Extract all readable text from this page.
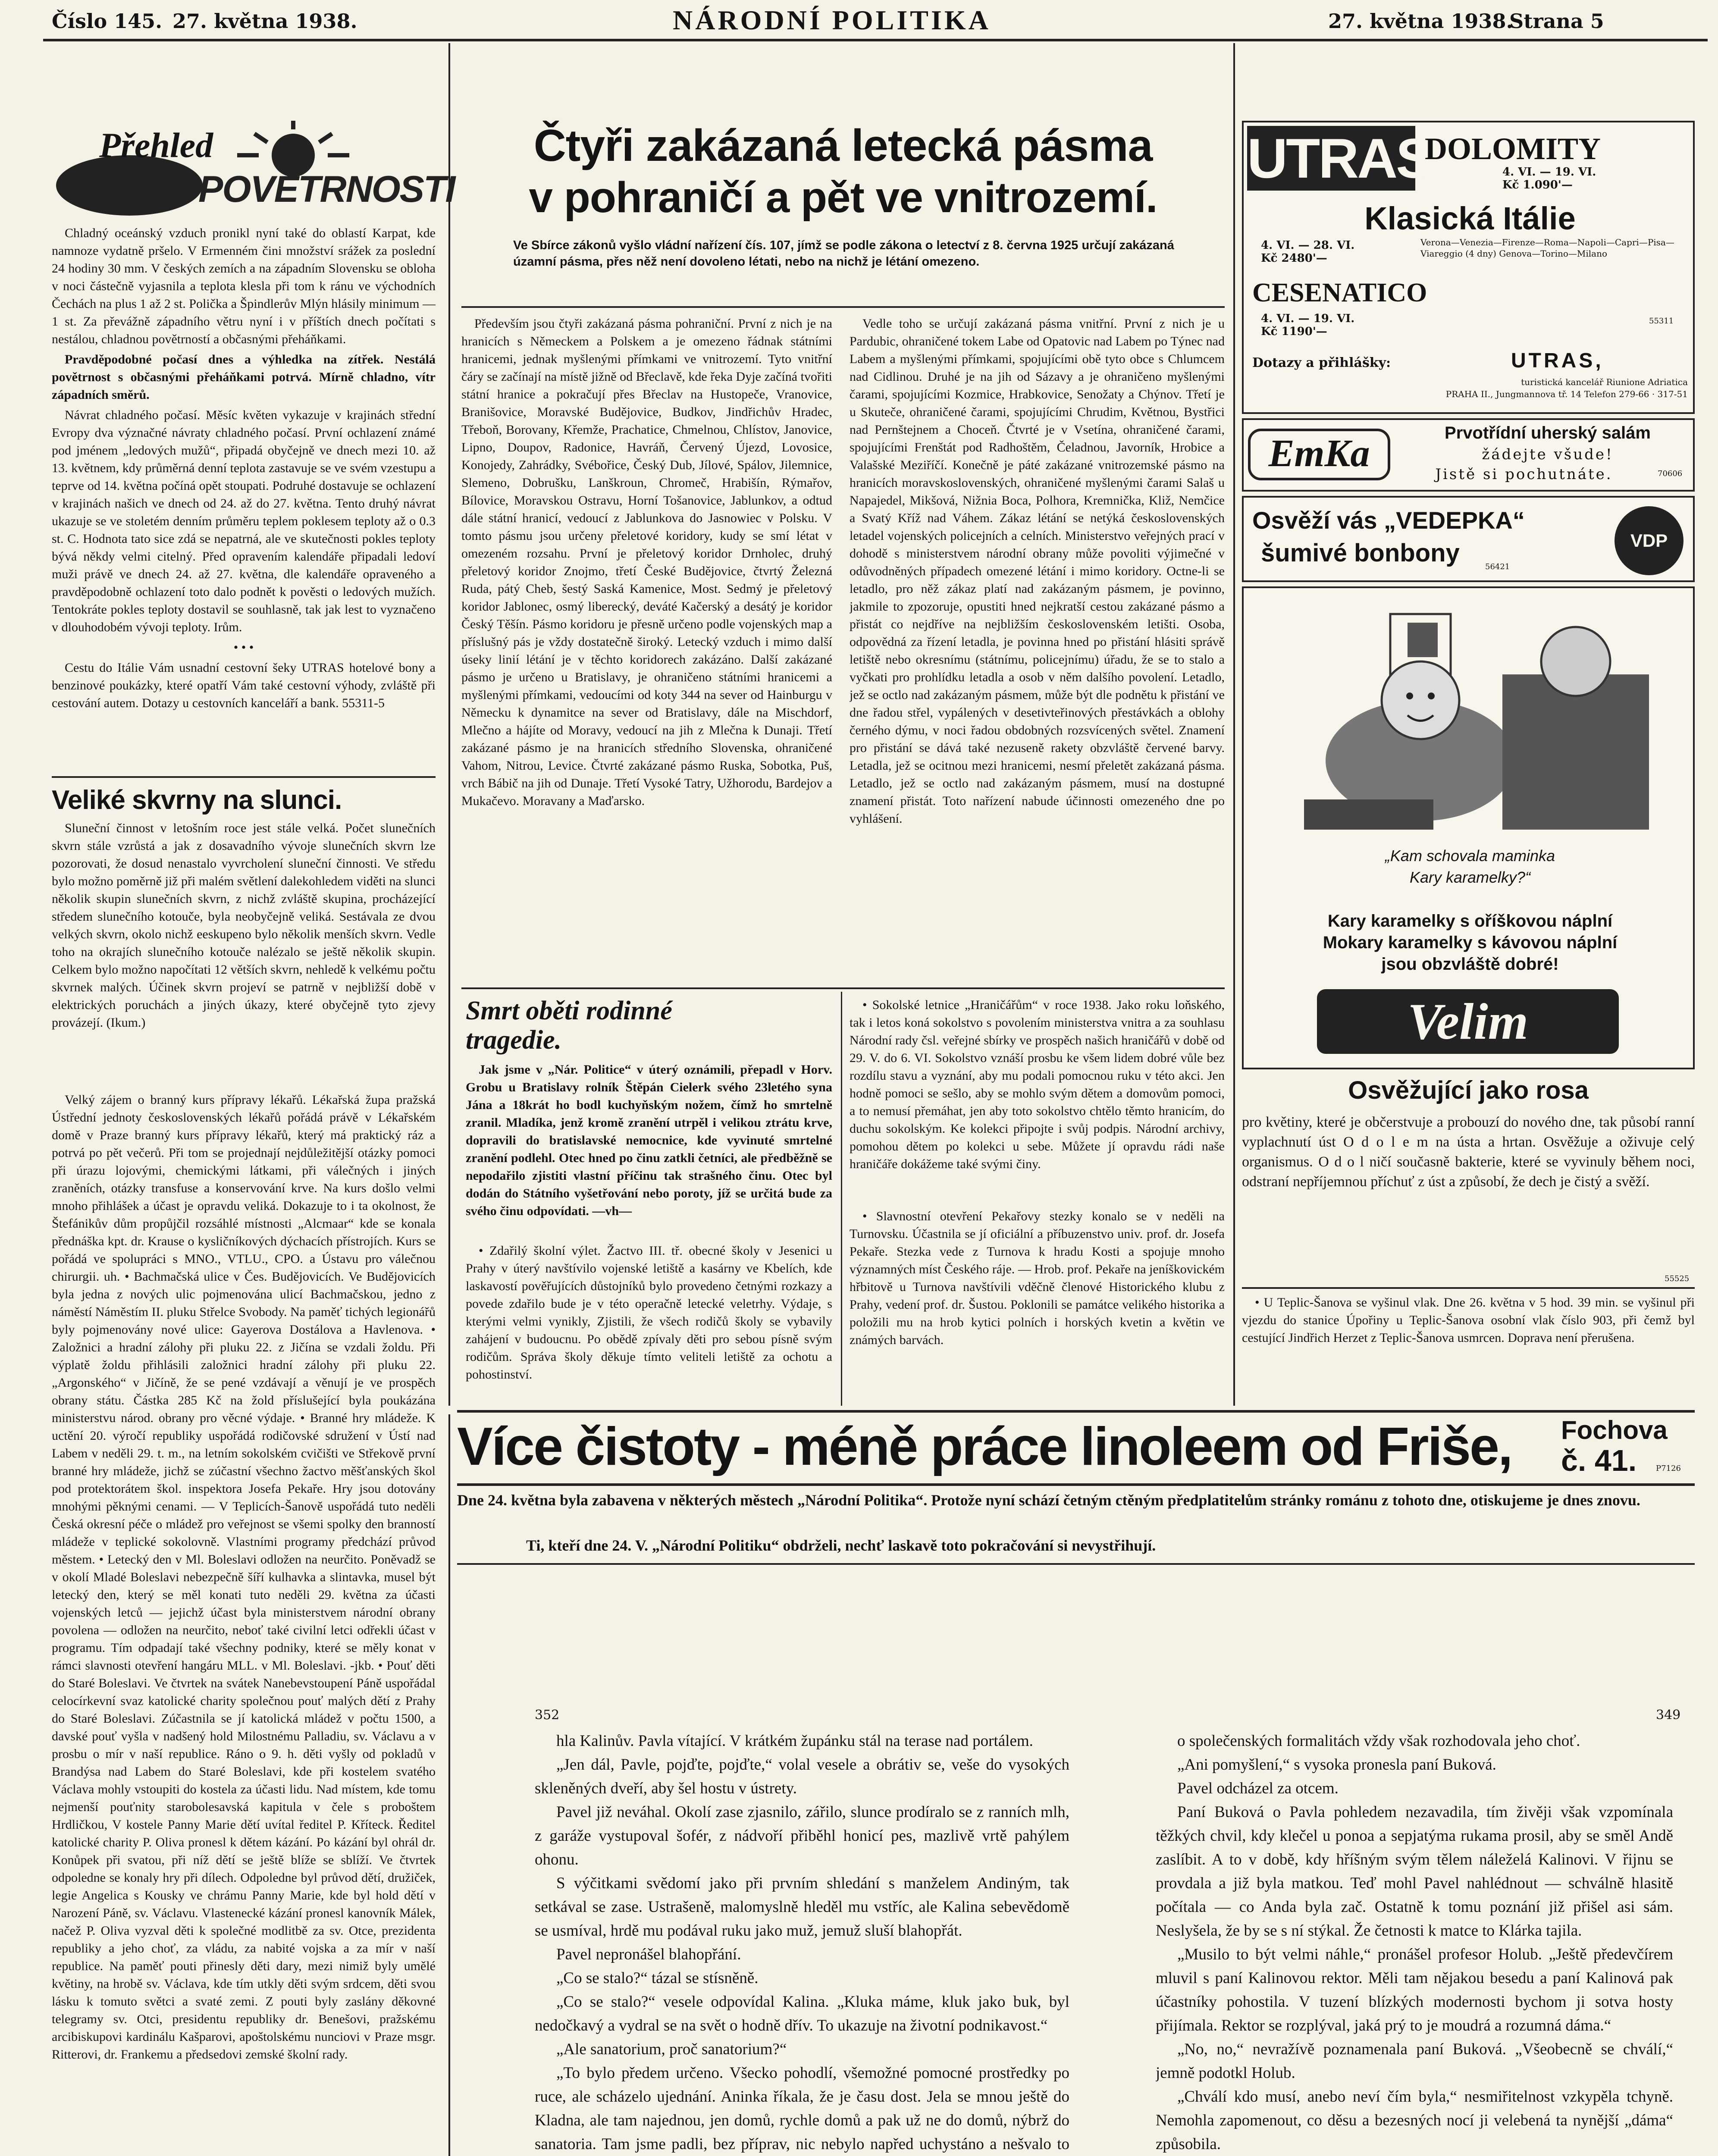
Číslo 145. 27. května 1938.	NÁRODNÍ POLITIKA	27. května 1938.
Strana 5
Přehled
POVĚTRNOSTI

Chladný oceánský vzduch pronikl nyní také do oblastí Karpat, kde namnoze vydatně pršelo. V Ermenném čini množství srážek za poslední 24 hodiny 30 mm. V českých zemích a na západním Slovensku se obloha v noci částečně vyjasnila a teplota klesla při tom k ránu ve východních Čechách na plus 1 až 2 st. Polička a Špindlerův Mlýn hlásily minimum — 1 st. Za převážně západního větru nyní i v příštích dnech počítati s nestálou, chladnou povětrností a občasnými přeháňkami.

Pravděpodobné počasí dnes a výhledka na zítřek. Nestálá povětrnost s občasnými přeháňkami potrvá. Mírně chladno, vítr západních směrů.

Návrat chladného počasí. Měsíc květen vykazuje v krajinách střední Evropy dva význačné návraty chladného počasí. První ochlazení známé pod jménem „ledových mužů“, připadá obyčejně ve dnech mezi 10. až 13. květnem, kdy průměrná denní teplota zastavuje se ve svém vzestupu a teprve od 14. května počíná opět stoupati. Podruhé dostavuje se ochlazení v krajinách našich ve dnech od 24. až do 27. května. Tento druhý návrat ukazuje se ve stoletém denním průměru teplem poklesem teploty až o 0.3 st. C. Hodnota tato sice zdá se nepatrná, ale ve skutečnosti pokles teploty bývá někdy velmi citelný. Před opravením kalendáře připadali ledoví muži právě ve dnech 24. až 27. května, dle kalendáře opraveného a pravděpodobně ochlazení toto dalo podnět k pověsti o ledových mužích. Tentokráte pokles teploty dostavil se souhlasně, tak jak lest to vyznačeno v dlouhodobém vývoji teploty. Irům.

• • •

Cestu do Itálie Vám usnadní cestovní šeky UTRAS hotelové bony a benzinové poukázky, které opatří Vám také cestovní výhody, zvláště při cestování autem. Dotazy u cestovních kanceláří a bank. 55311-5

Veliké skvrny na slunci.

Sluneční činnost v letošním roce jest stále velká. Počet slunečních skvrn stále vzrůstá a jak z dosavadního vývoje slunečních skvrn lze pozorovati, že dosud nenastalo vyvrcholení sluneční činnosti. Ve středu bylo možno poměrně již při malém světlení dalekohledem viděti na slunci několik skupin slunečních skvrn, z nichž zvláště skupina, procházející středem slunečního kotouče, byla neobyčejně veliká. Sestávala ze dvou velkých skvrn, okolo nichž eeskupeno bylo několik menších skvrn. Vedle toho na okrajích slunečního kotouče nalézalo se ještě několik skupin. Celkem bylo možno napočítati 12 větších skvrn, nehledě k velkému počtu skvrnek malých. Účinek skvrn projeví se patrně v nejbližší době v elektrických poruchách a jiných úkazy, které obyčejně tyto zjevy provázejí. (Ikum.)

Velký zájem o branný kurs přípravy lékařů. Lékařská župa pražská Ústřední jednoty československých lékařů pořádá právě v Lékařském domě v Praze branný kurs přípravy lékařů, který má praktický ráz a potrvá po pět večerů. Při tom se projednají nejdůležitější otázky pomoci při úrazu lojovými, chemickými látkami, při válečných i jiných zraněních, otázky transfuse a konservování krve. Na kurs došlo velmi mnoho přihlášek a účast je opravdu veliká. Dokazuje to i ta okolnost, že Štefánikův dům propůjčil rozsáhlé místnosti „Alcmaar“ kde se konala přednáška kpt. dr. Krause o kysličníkových dýchacích přístrojích. Kurs se pořádá ve spolupráci s MNO., VTLU., CPO. a Ústavu pro válečnou chirurgii. uh. • Bachmačská ulice v Čes. Budějovicích. Ve Budějovicích byla jedna z nových ulic pojmenována ulicí Bachmačskou, jedno z náměstí Náměstím II. pluku Střelce Svobody. Na paměť tichých legionářů byly pojmenovány nové ulice: Gayerova Dostálova a Havlenova. • Založnici a hradní zálohy při pluku 22. z Jičína se vzdali žoldu. Při výplatě žoldu přihlásili založnici hradní zálohy při pluku 22. „Argonského“ v Jičíně, že se pené vzdávají a věnují je ve prospěch obrany státu. Částka 285 Kč na žold příslušející byla poukázána ministerstvu národ. obrany pro věcné výdaje. • Branné hry mládeže. K uctění 20. výročí republiky uspořádá rodičovské sdružení v Ústí nad Labem v neděli 29. t. m., na letním sokolském cvičišti ve Střekově první branné hry mládeže, jichž se zúčastní všechno žactvo měšťanských škol pod protektorátem škol. inspektora Josefa Pekaře. Hry jsou dotovány mnohými pěknými cenami. — V Teplicích-Šanově uspořádá tuto neděli Česká okresní péče o mládež pro veřejnost se všemi spolky den branností mládeže v teplické sokolovně. Vlastními programy předchází průvod městem. • Letecký den v Ml. Boleslavi odložen na neurčito. Poněvadž se v okolí Mladé Boleslavi nebezpečně šíří kulhavka a slintavka, musel být letecký den, který se měl konati tuto neděli 29. května za účasti vojenských letců — jejichž účast byla ministerstvem národní obrany povolena — odložen na neurčito, neboť také civilní letci odřekli účast v programu. Tím odpadají také všechny podniky, které se měly konat v rámci slavnosti otevření hangáru MLL. v Ml. Boleslavi. -jkb. • Pouť děti do Staré Boleslavi. Ve čtvrtek na svátek Nanebevstoupení Páně uspořádal celocírkevní svaz katolické charity společnou pouť malých dětí z Prahy do Staré Boleslavi. Zúčastnila se jí katolická mládež v počtu 1500, a davské pouť vyšla v nadšený hold Milostnému Palladiu, sv. Václavu a v prosbu o mír v naší republice. Ráno o 9. h. děti vyšly od pokladů v Brandýsa nad Labem do Staré Boleslavi, kde při kostelem svatého Václava mohly vstoupiti do kostela za účasti lidu. Nad místem, kde tomu nejmenší pouťnity starobolesavská kapitula v čele s proboštem Hrdličkou, V kostele Panny Marie dětí uvítal ředitel P. Kříteck. Ředitel katolické charity P. Oliva pronesl k dětem kázání. Po kázání byl ohrál dr. Konůpek při svatou, při níž dětí se ještě blíže se sblíží. Ve čtvrtek odpoledne se konaly hry při dílech. Odpoledne byl průvod dětí, družiček, legie Angelica s Kousky ve chrámu Panny Marie, kde byl hold dětí v Narození Páně, sv. Václavu. Vlastenecké kázání pronesl kanovník Málek, načež P. Oliva vyzval děti k společné modlitbě za sv. Otce, prezidenta republiky a jeho choť, za vládu, za nabité vojska a za mír v naší republice. Na paměť pouti přinesly děti dary, mezi nimiž byly umělé květiny, na hrobě sv. Václava, kde tím utkly děti svým srdcem, děti svou lásku k tomuto světci a svaté zemi. Z pouti byly zaslány děkovné telegramy sv. Otci, presidentu republiky dr. Benešovi, pražskému arcibiskupovi kardinálu Kašparovi, apoštolskému nunciovi v Praze msgr. Ritterovi, dr. Frankemu a předsedovi zemské školní rady.

Čtyři zakázaná letecká pásma
v pohraničí a pět ve vnitrozemí.
Ve Sbírce zákonů vyšlo vládní nařízení čís. 107, jímž se podle zákona o letectví z 8. června 1925 určují zakázaná úzamní pásma, přes něž není dovoleno létati, nebo na nichž je létání omezeno.

Především jsou čtyři zakázaná pásma pohraniční. První z nich je na hranicích s Německem a Polskem a je omezeno řádnak státními hranicemi, jednak myšlenými přímkami ve vnitrozemí. Tyto vnitřní čáry se začínají na místě jižně od Břeclavě, kde řeka Dyje začíná tvořiti státní hranice a pokračují přes Břeclav na Hustopeče, Vranovice, Branišovice, Moravské Budějovice, Budkov, Jindřichův Hradec, Třeboň, Borovany, Křemže, Prachatice, Chmelnou, Chlístov, Janovice, Lipno, Doupov, Radonice, Havráň, Červený Újezd, Lovosice, Konojedy, Zahrádky, Svébořice, Český Dub, Jílové, Spálov, Jilemnice, Slemeno, Dobrušku, Lanškroun, Chromeč, Hrabišín, Rýmařov, Bílovice, Moravskou Ostravu, Horní Tošanovice, Jablunkov, a odtud dále státní hranicí, vedoucí z Jablunkova do Jasnowiec v Polsku. V tomto pásmu jsou určeny přeletové koridory, kudy se smí létat v omezeném rozsahu. První je přeletový koridor Drnholec, druhý přeletový koridor Znojmo, třetí České Budějovice, čtvrtý Železná Ruda, pátý Cheb, šestý Saská Kamenice, Most. Sedmý je přeletový koridor Jablonec, osmý liberecký, deváté Kačerský a desátý je koridor Český Těšín. Pásmo koridoru je přesně určeno podle vojenských map a příslušný pás je vždy dostatečně široký. Letecký vzduch i mimo další úseky linií létání je v těchto koridorech zakázáno. Další zakázané pásmo je určeno u Bratislavy, je ohraničeno státními hranicemi a myšlenými přímkami, vedoucími od koty 344 na sever od Hainburgu v Německu k dynamitce na sever od Bratislavy, dále na Mischdorf, Mlečno a hájíte od Moravy, vedoucí na jih z Mlečna k Dunaji. Třetí zakázané pásmo je na hranicích středního Slovenska, ohraničené Vahom, Nitrou, Levice. Čtvrté zakázané pásmo Ruska, Sobotka, Puš, vrch Bábič na jih od Dunaje. Třetí Vysoké Tatry, Užhorodu, Bardejov a Mukačevo. Moravany a Maďarsko.

Vedle toho se určují zakázaná pásma vnitřní. První z nich je u Pardubic, ohraničené tokem Labe od Opatovic nad Labem po Týnec nad Labem a myšlenými přímkami, spojujícími obě tyto obce s Chlumcem nad Cidlinou. Druhé je na jih od Sázavy a je ohraničeno myšlenými čarami, spojujícími Kozmice, Hrabkovice, Senožaty a Chýnov. Třetí je u Skuteče, ohraničené čarami, spojujícími Chrudim, Květnou, Bystřici nad Pernštejnem a Choceň. Čtvrté je v Vsetína, ohraničené čarami, spojujícími Frenštát pod Radhoštěm, Čeladnou, Javorník, Hrobice a Valašské Meziříčí. Konečně je páté zakázané vnitrozemské pásmo na hranicích moravskoslovenských, ohraničené myšlenými čarami Salaš u Napajedel, Mikšová, Nižnia Boca, Polhora, Kremnička, Kliž, Nemčice a Svatý Kříž nad Váhem. Zákaz létání se netýká československých letadel vojenských policejních a celních. Ministerstvo veřejných prací v dohodě s ministerstvem národní obrany může povoliti výjimečné v odůvodněných případech omezené létání i mimo koridory. Octne-li se letadlo, pro něž zákaz platí nad zakázaným pásmem, je povinno, jakmile to zpozoruje, opustiti hned nejkratší cestou zakázané pásmo a přistát co nejdříve na nejbližším československém letišti. Osoba, odpovědná za řízení letadla, je povinna hned po přistání hlásiti správě letiště nebo okresnímu (státnímu, policejnímu) úřadu, že se to stalo a vyčkati pro prohlídku letadla a osob v něm dalšího povolení. Letadlo, jež se octlo nad zakázaným pásmem, může být dle podnětu k přistání ve dne řadou střel, vypálených v desetivteřinových přestávkách a oblohy černého dýmu, v noci řadou obdobných rozsvícených světel. Znamení pro přistání se dává také nezuseně rakety obzvláště červené barvy. Letadla, jež se ocitnou mezi hranicemi, nesmí přeletět zakázaná pásma. Letadlo, jež se octlo nad zakázaným pásmem, musí na dostupné znamení přistát. Toto nařízení nabude účinnosti omezeného dne po vyhlášení.

Smrt oběti rodinné
tragedie.

Jak jsme v „Nár. Politice“ v úterý oznámili, přepadl v Horv. Grobu u Bratislavy rolník Štěpán Cielerk svého 23letého syna Jána a 18krát ho bodl kuchyňským nožem, čímž ho smrtelně zranil. Mladíka, jenž kromě zranění utrpěl i velikou ztrátu krve, dopravili do bratislavské nemocnice, kde vyvinuté smrtelné zranění podlehl. Otec hned po činu zatkli četníci, ale předběžně se nepodařilo zjistiti vlastní příčinu tak strašného činu. Otec byl dodán do Státního vyšetřování nebo poroty, jíž se určitá bude za svého činu odpovídati. —vh—

• Zdařilý školní výlet. Žactvo III. tř. obecné školy v Jesenici u Prahy v úterý navštívilo vojenské letiště a kasárny ve Kbelích, kde laskavostí pověřujících důstojníků bylo provedeno četnými rozkazy a povede zdařilo bude je v této operačně letecké veletrhy. Výdaje, s kterými velmi vynikly, Zjistili, že všech rodičů školy se vybavily zahájení v budoucnu. Po obědě zpívaly děti pro sebou písně svým rodičům. Správa školy děkuje tímto veliteli letiště za ochotu a pohostinství.

• Sokolské letnice „Hraničářům“ v roce 1938. Jako roku loňského, tak i letos koná sokolstvo s povolením ministerstva vnitra a za souhlasu Národní rady čsl. veřejné sbírky ve prospěch našich hraničářů v době od 29. V. do 6. VI. Sokolstvo vznáší prosbu ke všem lidem dobré vůle bez rozdílu stavu a vyznání, aby mu podali pomocnou ruku v této akci. Jen hodně pomoci se sešlo, aby se mohlo svým dětem a domovům pomoci, a to nemusí přemáhat, jen aby toto sokolstvo chtělo těmto hranicím, do duchu sokolským. Ke kolekci připojte i svůj podpis. Národní archivy, pomohou dětem po kolekci u sebe. Můžete jí opravdu rádi naše hraničáře dokážeme také svými činy.

• Slavnostní otevření Pekařovy stezky konalo se v neděli na Turnovsku. Účastnila se jí oficiální a příbuzenstvo univ. prof. dr. Josefa Pekaře. Stezka vede z Turnova k hradu Kosti a spojuje mnoho významných míst Českého ráje. — Hrob. prof. Pekaře na jeníškovickém hřbitově u Turnova navštívili vděčně členové Historického klubu z Prahy, vedení prof. dr. Šustou. Poklonili se památce velikého historika a položili mu na hrob kytici polních i horských kvetin a květin ve známých barvách.

UTRAS
DOLOMITY
4. VI. — 19. VI.
Kč 1.090'—
Klasická Itálie
4. VI. — 28. VI.
Kč 2480'—
Verona—Venezia—Firenze—Roma—Napoli—Capri—Pisa—Viareggio (4 dny) Genova—Torino—Milano
CESENATICO
4. VI. — 19. VI.
Kč 1190'—
55311
Dotazy a přihlášky:	UTRAS,
turistická kancelář Riunione Adriatica
PRAHA II., Jungmannova tř. 14 Telefon 279-66 · 317-51
EmKa	Prvotřídní uherský salám
žádejte všude!
Jistě si pochutnáte.	70606
Osvěží vás „VEDEPKA“
šumivé bonbony	56421
VDP
„Kam schovala maminka
Kary karamelky?“
Kary karamelky s oříškovou náplní
Mokary karamelky s kávovou náplní
jsou obzvláště dobré!
Velim
Osvěžující jako rosa

pro květiny, které je občerstvuje a probouzí do nového dne, tak působí ranní vyplachnutí úst O d o l e m na ústa a hrtan. Osvěžuje a oživuje celý organismus. O d o l ničí současně bakterie, které se vyvinuly během noci, odstraní nepříjemnou příchuť z úst a způsobí, že dech je čistý a svěží.

55525

• U Teplic-Šanova se vyšinul vlak. Dne 26. května v 5 hod. 39 min. se vyšinul při vjezdu do stanice Úpořiny u Teplic-Šanova osobní vlak číslo 903, při čemž byl cestující Jindřich Herzet z Teplic-Šanova usmrcen. Doprava není přerušena.

Více čistoty - méně práce linoleem od Friše,	Fochova
č. 41. P7126
Dne 24. května byla zabavena v některých městech „Národní Politika“. Protože nyní schází četným ctěným předplatitelům stránky románu z tohoto dne, otiskujeme je dnes znovu.
Ti, kteří dne 24. V. „Národní Politiku“ obdrželi, nechť laskavě toto pokračování si nevystřihují.
352	349

hla Kalinův. Pavla vítající. V krátkém župánku stál na terase nad portálem.

„Jen dál, Pavle, pojďte, pojďte,“ volal vesele a obrátiv se, veše do vysokých skleněných dveří, aby šel hostu v ústrety.

Pavel již neváhal. Okolí zase zjasnilo, zářilo, slunce prodíralo se z ranních mlh, z garáže vystupoval šofér, z nádvoří přiběhl honicí pes, mazlivě vrtě pahýlem ohonu.

S výčitkami svědomí jako při prvním shledání s manželem Andiným, tak setkával se zase. Ustrašeně, malomyslně hleděl mu vstříc, ale Kalina sebevědomě se usmíval, hrdě mu podával ruku jako muž, jemuž sluší blahopřát.

Pavel nepronášel blahopřání.

„Co se stalo?“ tázal se stísněně.

„Co se stalo?“ vesele odpovídal Kalina. „Kluka máme, kluk jako buk, byl nedočkavý a vydral se na svět o hodně dřív. To ukazuje na životní podnikavost.“

„Ale sanatorium, proč sanatorium?“

„To bylo předem určeno. Všecko pohodlí, všemožné pomocné prostředky po ruce, ale scházelo ujednání. Aninka říkala, že je času dost. Jela se mnou ještě do Kladna, ale tam najednou, jen domů, rychle domů a pak už ne do domů, nýbrž do sanatoria. Tam jsme padli, bez příprav, nic nebylo napřed uchystáno a nešvalo to

o společenských formalitách vždy však rozhodovala jeho choť.

„Ani pomyšlení,“ s vysoka pronesla paní Buková.

Pavel odcházel za otcem.

Paní Buková o Pavla pohledem nezavadila, tím živěji však vzpomínala těžkých chvil, kdy klečel u ponoa a sepjatýma rukama prosil, aby se směl Andě zaslíbit. A to v době, kdy hříšným svým tělem náleželá Kalinovi. V řijnu se provdala a již byla matkou. Teď mohl Pavel nahlédnout — schválně hlasitě počítala — co Anda byla zač. Ostatně k tomu poznání již přišel asi sám. Neslyšela, že by se s ní stýkal. Že četnosti k matce to Klárka tajila.

„Musilo to být velmi náhle,“ pronášel profesor Holub. „Ještě předevčírem mluvil s paní Kalinovou rektor. Měli tam nějakou besedu a paní Kalinová pak účastníky pohostila. V tuzení blízkých modernosti bychom ji sotva hosty přijímala. Rektor se rozplýval, jaká prý to je moudrá a rozumná dáma.“

„No, no,“ nevražívě poznamenala paní Buková. „Všeobecně se chválí,“ jemně podotkl Holub.

„Chválí kdo musí, anebo neví čím byla,“ nesmiřitelnost vzkypěla tchyně. Nemohla zapomenout, co děsu a bezesných nocí ji velebená ta nynější „dáma“ způsobila.
